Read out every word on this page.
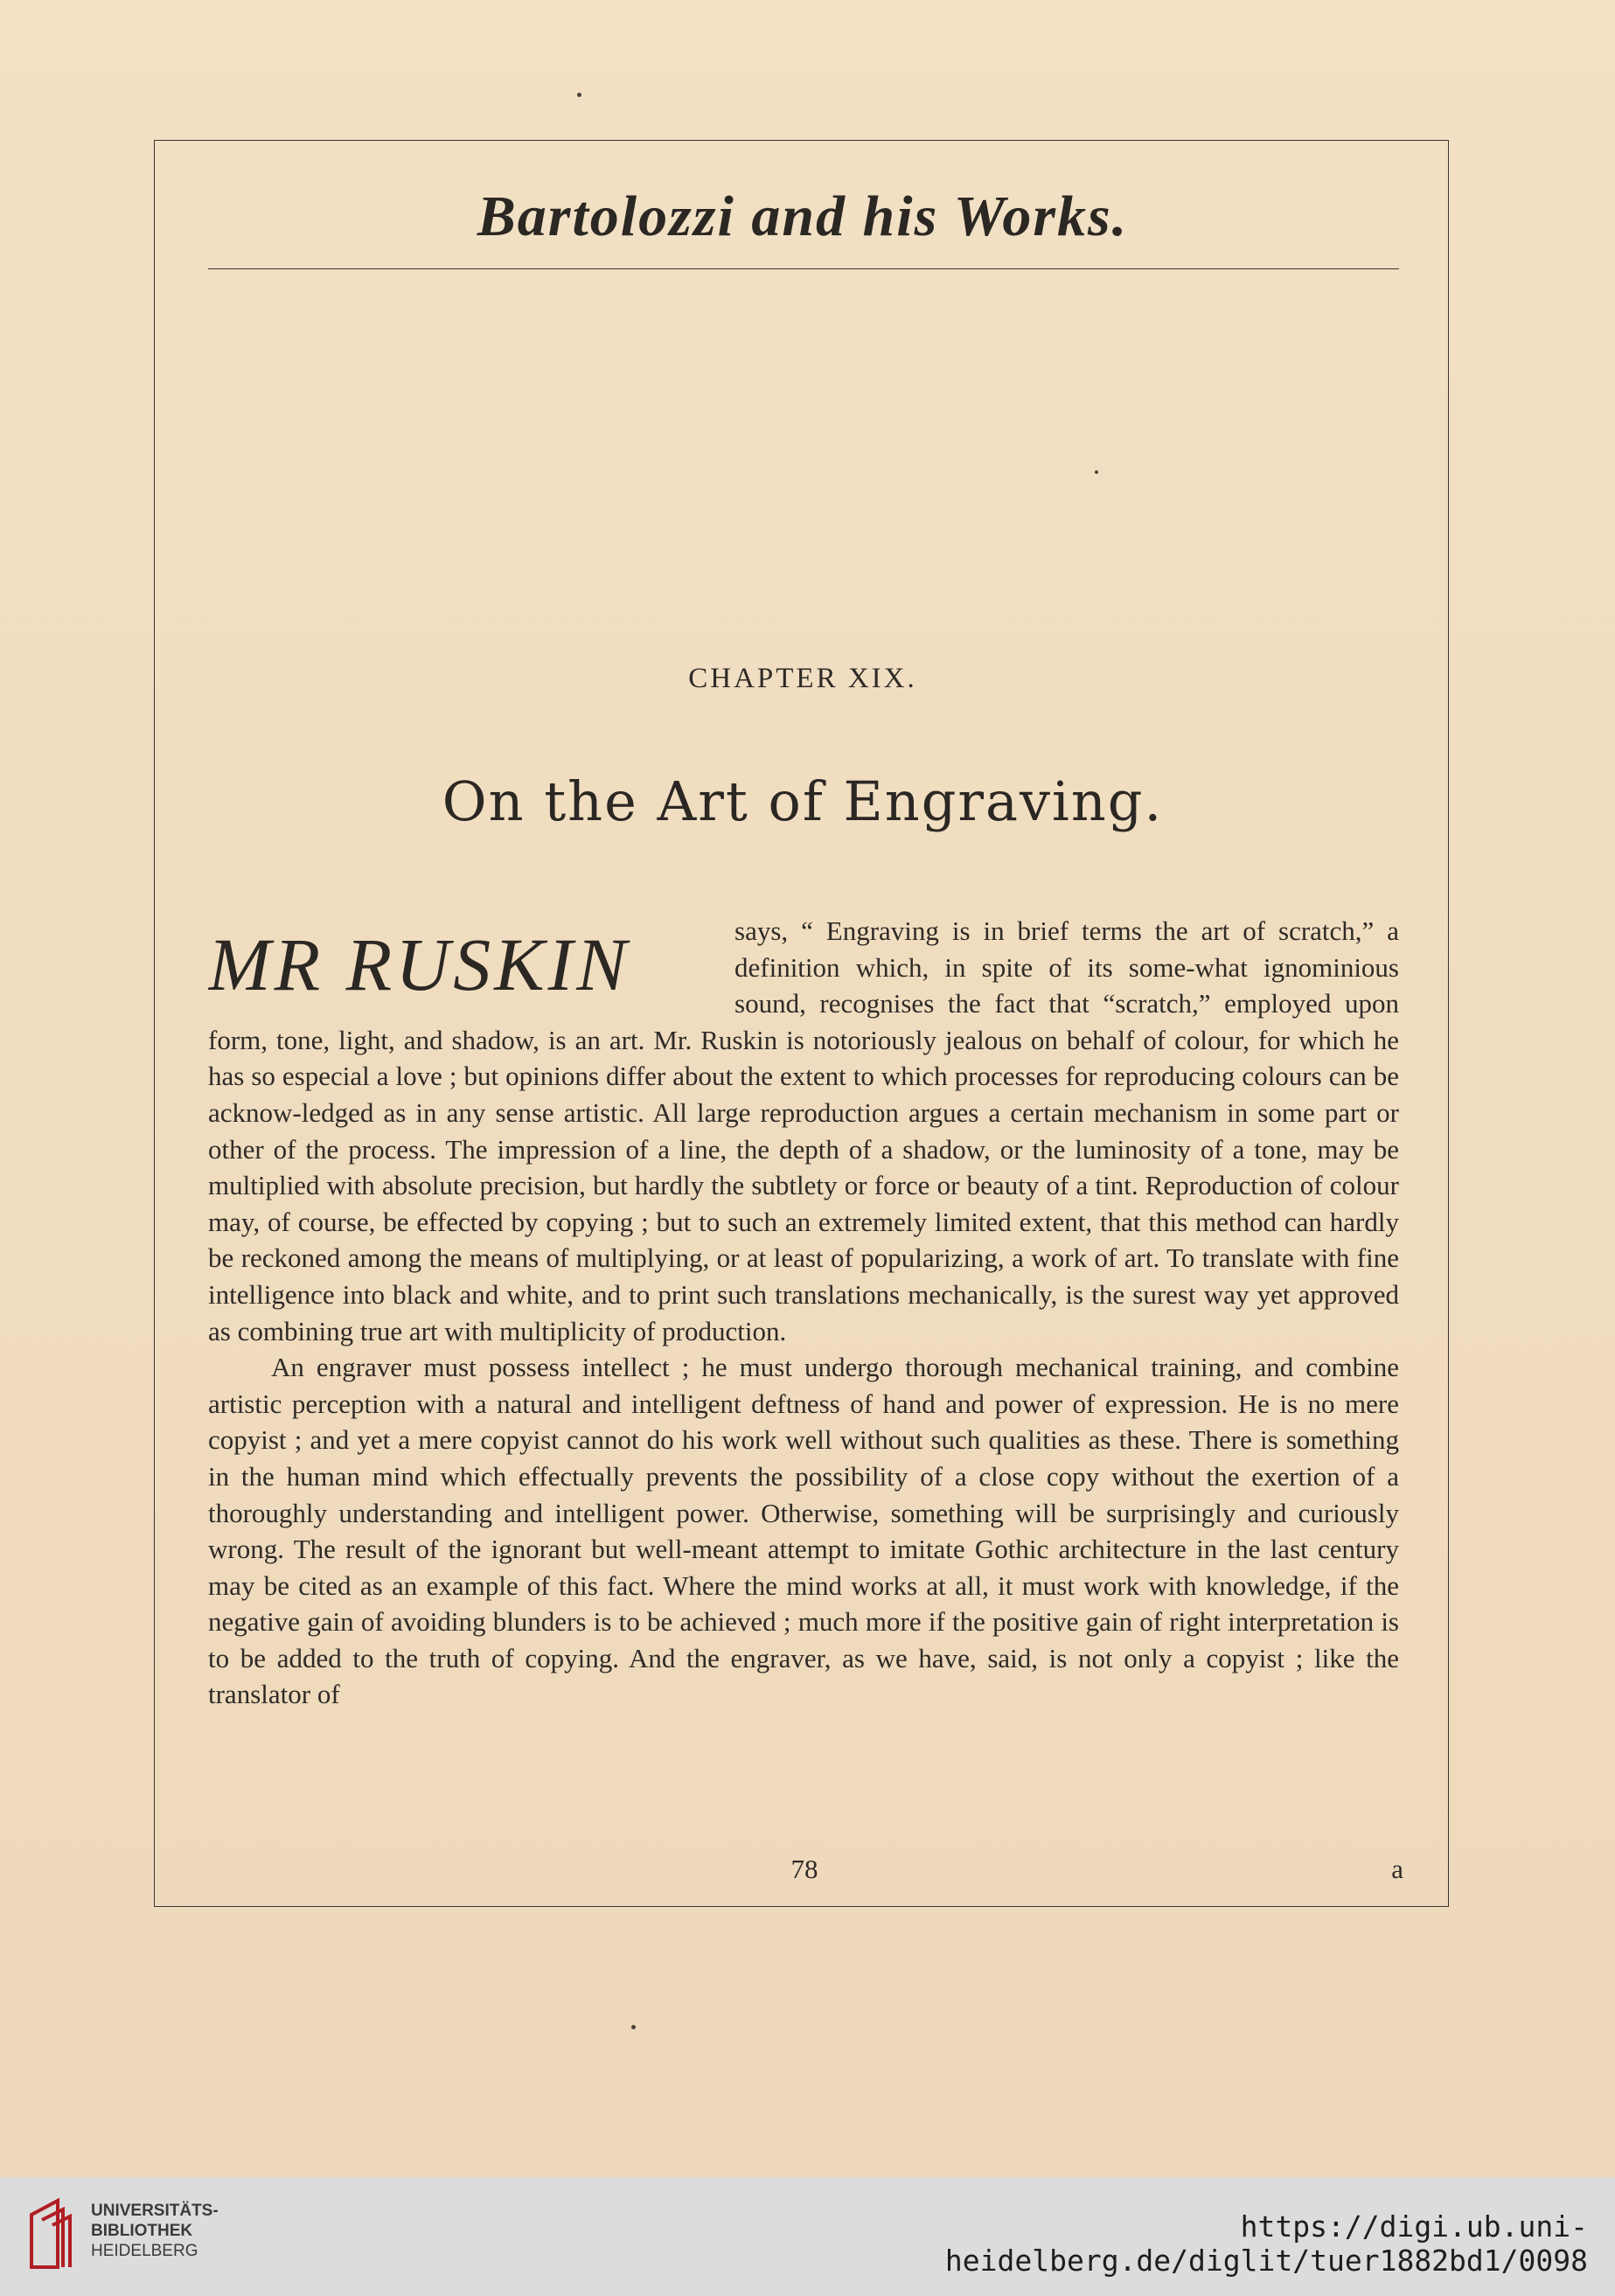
Bartolozzi and his Works.
CHAPTER XIX.
On the Art of Engraving.

MR RUSKIN	says, “ Engraving is in brief terms the art of scratch,” a definition which, in spite of its some-what ignominious sound, recognises the fact that “scratch,” employed upon form, tone, light, and shadow, is an art. Mr. Ruskin is notoriously jealous on behalf of colour, for which he has so especial a love ; but opinions differ about the extent to which processes for reproducing colours can be acknow-ledged as in any sense artistic. All large reproduction argues a certain mechanism in some part or other of the process. The impression of a line, the depth of a shadow, or the luminosity of a tone, may be multiplied with absolute precision, but hardly the subtlety or force or beauty of a tint. Reproduction of colour may, of course, be effected by copying ; but to such an extremely limited extent, that this method can hardly be reckoned among the means of multiplying, or at least of popularizing, a work of art. To translate with fine intelligence into black and white, and to print such translations mechanically, is the surest way yet approved as combining true art with multiplicity of production.

An engraver must possess intellect ; he must undergo thorough mechanical training, and combine artistic perception with a natural and intelligent deftness of hand and power of expression. He is no mere copyist ; and yet a mere copyist cannot do his work well without such qualities as these. There is something in the human mind which effectually prevents the possibility of a close copy without the exertion of a thoroughly understanding and intelligent power. Otherwise, something will be surprisingly and curiously wrong. The result of the ignorant but well-meant attempt to imitate Gothic architecture in the last century may be cited as an example of this fact. Where the mind works at all, it must work with knowledge, if the negative gain of avoiding blunders is to be achieved ; much more if the positive gain of right interpretation is to be added to the truth of copying. And the engraver, as we have, said, is not only a copyist ; like the translator of

78	a

UNIVERSITÄTS-
BIBLIOTHEK
HEIDELBERG
https://digi.ub.uni-heidelberg.de/diglit/tuer1882bd1/0098
